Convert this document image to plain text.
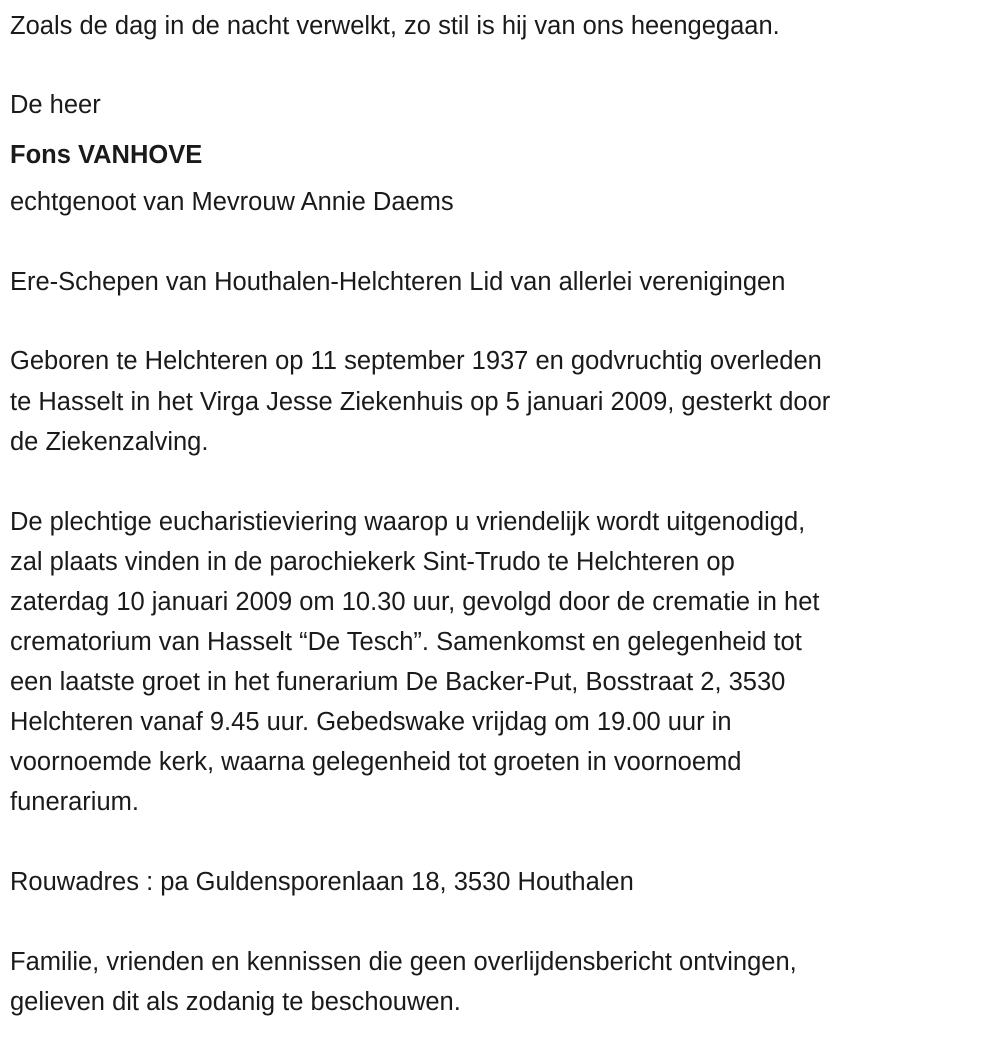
Zoals de dag in de nacht verwelkt, zo stil is hij van ons heengegaan.
De heer
Fons VANHOVE
echtgenoot van Mevrouw Annie Daems
Ere-Schepen van Houthalen-Helchteren Lid van allerlei verenigingen
Geboren te Helchteren op 11 september 1937 en godvruchtig overleden
te Hasselt in het Virga Jesse Ziekenhuis op 5 januari 2009, gesterkt door
de Ziekenzalving.
De plechtige eucharistieviering waarop u vriendelijk wordt uitgenodigd,
zal plaats vinden in de parochiekerk Sint-Trudo te Helchteren op
zaterdag 10 januari 2009 om 10.30 uur, gevolgd door de crematie in het
crematorium van Hasselt “De Tesch”. Samenkomst en gelegenheid tot
een laatste groet in het funerarium De Backer-Put, Bosstraat 2, 3530
Helchteren vanaf 9.45 uur. Gebedswake vrijdag om 19.00 uur in
voornoemde kerk, waarna gelegenheid tot groeten in voornoemd
funerarium.
Rouwadres : pa Guldensporenlaan 18, 3530 Houthalen
Familie, vrienden en kennissen die geen overlijdensbericht ontvingen,
gelieven dit als zodanig te beschouwen.
